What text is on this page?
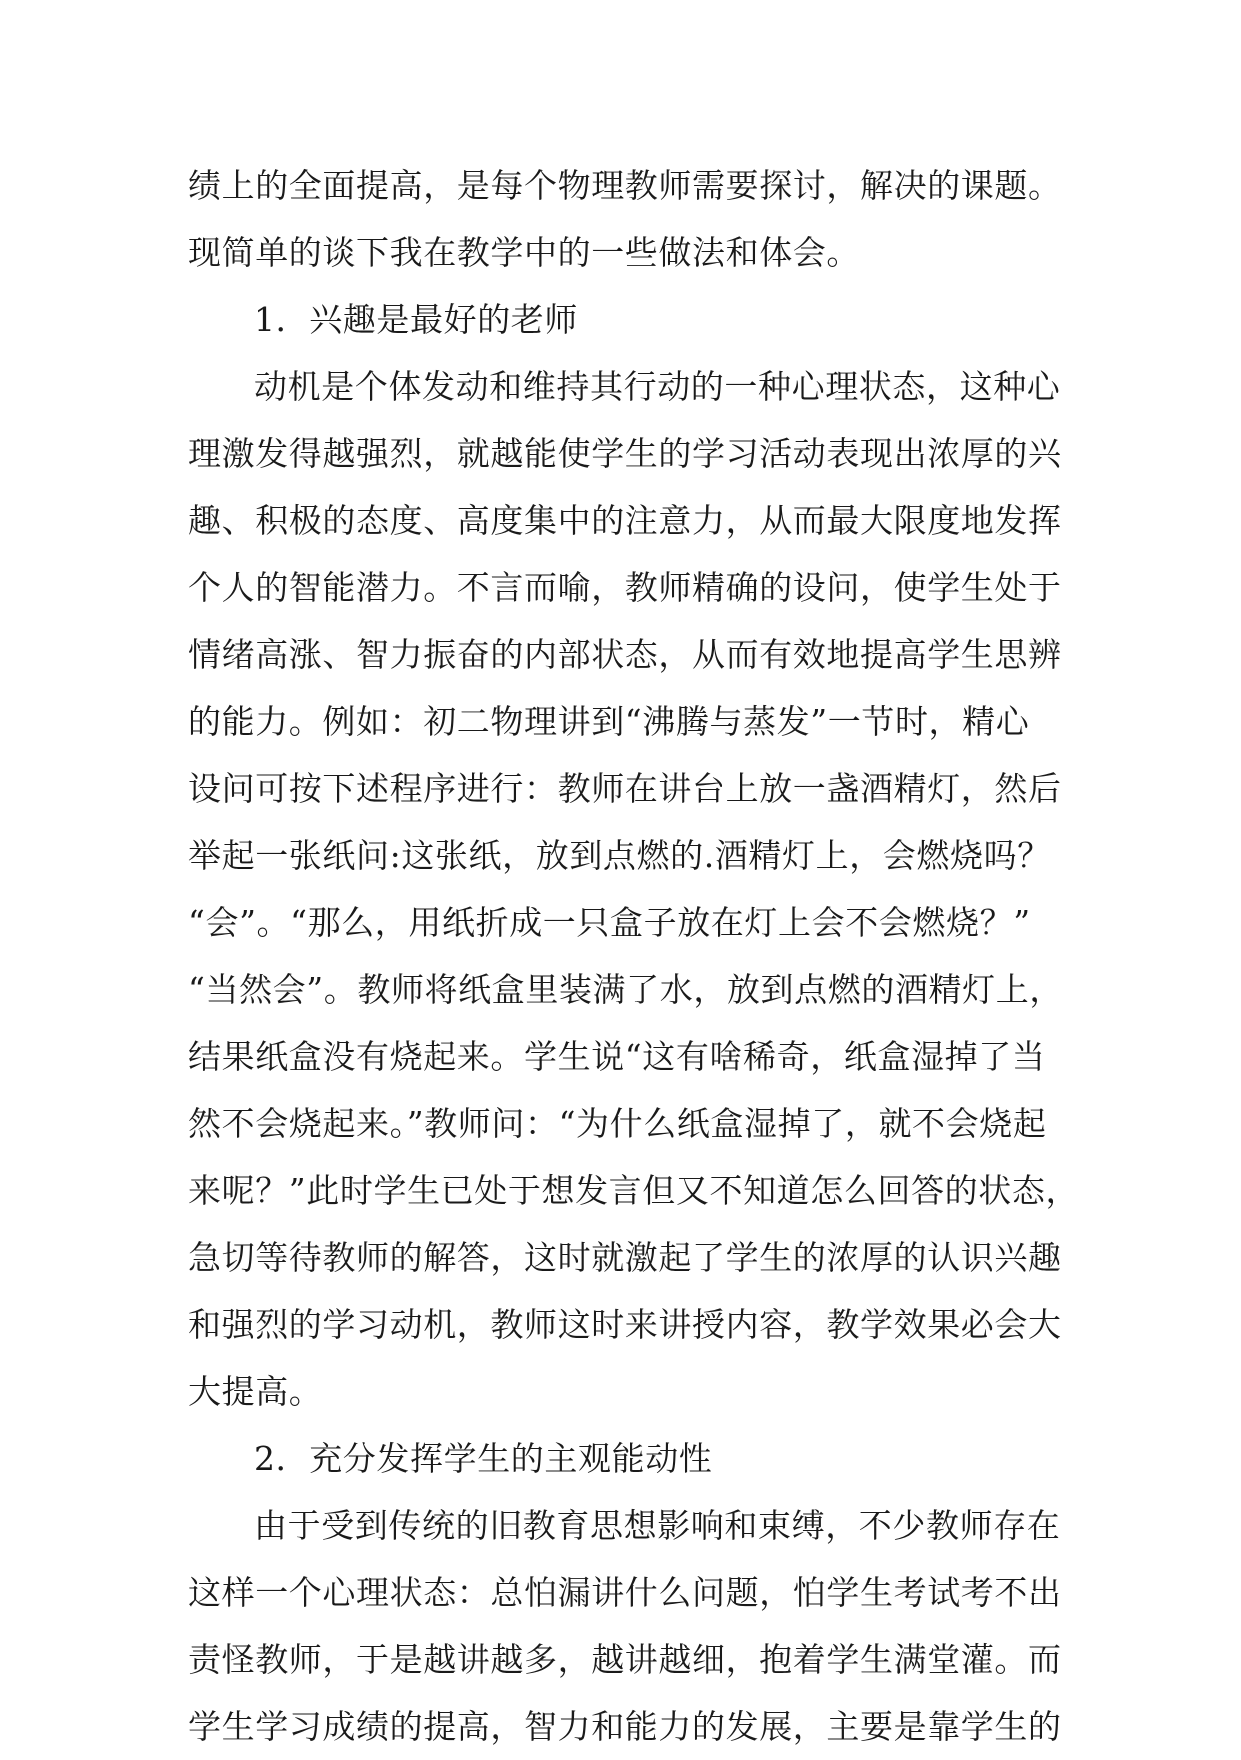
绩上的全面提高，是每个物理教师需要探讨，解决的课题。
现简单的谈下我在教学中的一些做法和体会。
1．兴趣是最好的老师
动机是个体发动和维持其行动的一种心理状态，这种心
理激发得越强烈，就越能使学生的学习活动表现出浓厚的兴
趣、积极的态度、高度集中的注意力，从而最大限度地发挥
个人的智能潜力。不言而喻，教师精确的设问，使学生处于
情绪高涨、智力振奋的内部状态，从而有效地提高学生思辨
的能力。例如：初二物理讲到“沸腾与蒸发”一节时，精心
设问可按下述程序进行：教师在讲台上放一盏酒精灯，然后
举起一张纸问:这张纸，放到点燃的.酒精灯上，会燃烧吗？
“会”。“那么，用纸折成一只盒子放在灯上会不会燃烧？”
“当然会”。教师将纸盒里装满了水，放到点燃的酒精灯上，
结果纸盒没有烧起来。学生说“这有啥稀奇，纸盒湿掉了当
然不会烧起来。”教师问：“为什么纸盒湿掉了，就不会烧起
来呢？”此时学生已处于想发言但又不知道怎么回答的状态，
急切等待教师的解答，这时就激起了学生的浓厚的认识兴趣
和强烈的学习动机，教师这时来讲授内容，教学效果必会大
大提高。
2．充分发挥学生的主观能动性
由于受到传统的旧教育思想影响和束缚，不少教师存在
这样一个心理状态：总怕漏讲什么问题，怕学生考试考不出
责怪教师，于是越讲越多，越讲越细，抱着学生满堂灌。而
学生学习成绩的提高，智力和能力的发展，主要是靠学生的
